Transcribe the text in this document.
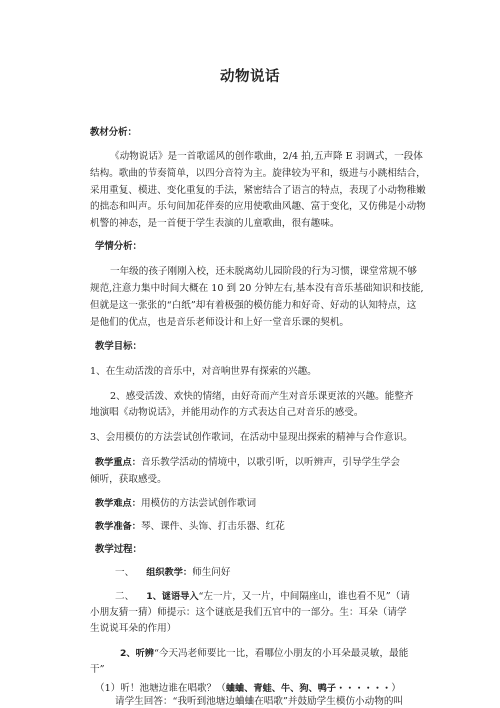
动物说话
教材分析：
《动物说话》是一首歌谣风的创作歌曲，2/4 拍,五声降 E 羽调式，一段体
结构。歌曲的节奏简单，以四分音符为主。旋律较为平和，级进与小跳相结合，
采用重复、模进、变化重复的手法，紧密结合了语言的特点，表现了小动物稚嫩
的拙态和叫声。乐句间加花伴奏的应用使歌曲风趣、富于变化，又仿佛是小动物
机警的神态，是一首便于学生表演的儿童歌曲，很有趣味。
学情分析：
一年级的孩子刚刚入校，还未脱离幼儿园阶段的行为习惯，课堂常规不够
规范,注意力集中时间大概在 10 到 20 分钟左右,基本没有音乐基础知识和技能,
但就是这一张张的“白纸”却有着极强的模仿能力和好奇、好动的认知特点，这
是他们的优点，也是音乐老师设计和上好一堂音乐课的契机。
教学目标：
1、在生动活泼的音乐中，对音响世界有探索的兴趣。
2、感受活泼、欢快的情绪，由好奇而产生对音乐课更浓的兴趣。能整齐
地演唱《动物说话》，并能用动作的方式表达自己对音乐的感受。
3、会用模仿的方法尝试创作歌词，在活动中显现出探索的精神与合作意识。
教学重点：音乐教学活动的情境中，以歌引听，以听辨声，引导学生学会
倾听，获取感受。
教学难点：用模仿的方法尝试创作歌词
教学准备：琴、课件、头饰、打击乐器、红花
教学过程：
一、 组织教学：师生问好
二、 1、谜语导入“左一片，又一片，中间隔座山，谁也看不见”（请
小朋友猜一猜）师提示：这个谜底是我们五官中的一部分。生：耳朵（请学
生说说耳朵的作用）
2、听辨“今天冯老师要比一比，看哪位小朋友的小耳朵最灵敏，最能
干”
（1）听！池塘边谁在唱歌？（蛐蛐、青蛙、牛、狗、鸭子・・・・・・）
请学生回答：“我听到池塘边蛐蛐在唱歌”并鼓励学生模仿小动物的叫
